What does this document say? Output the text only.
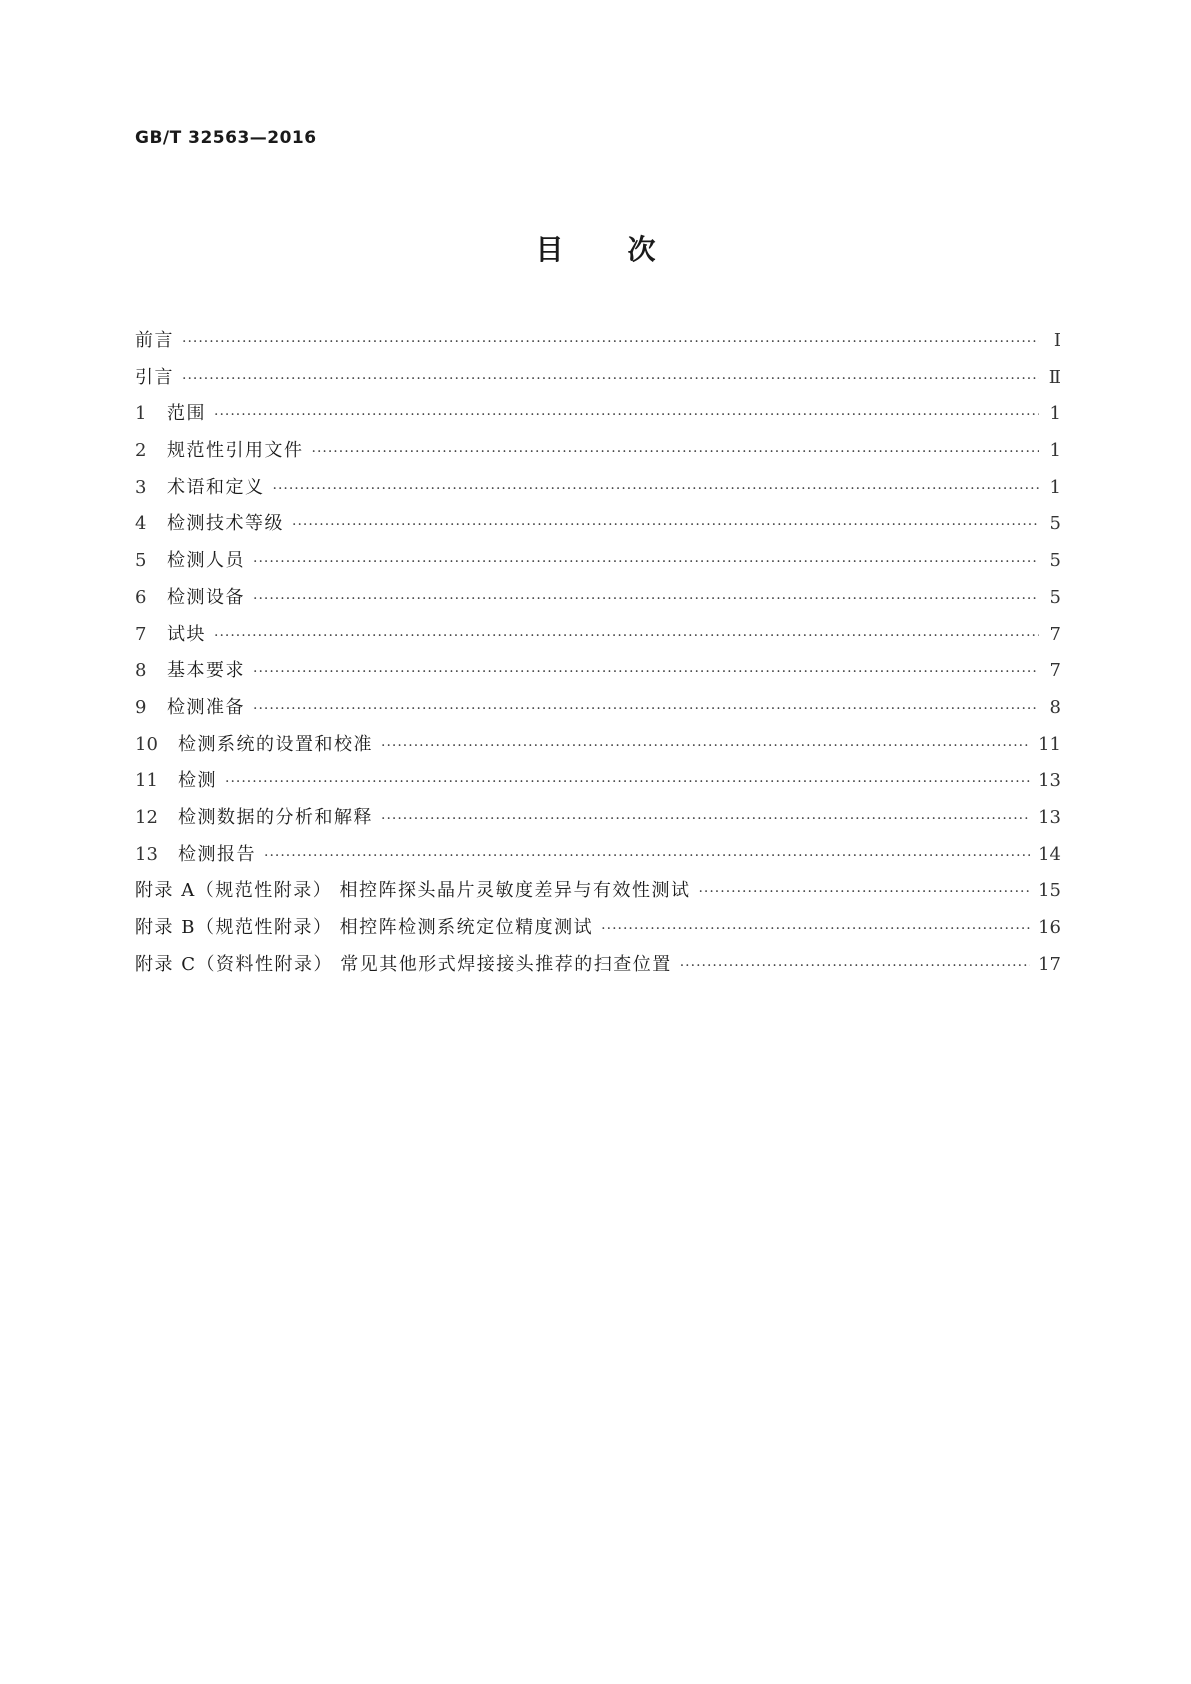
GB/T 32563—2016
目次
前言 ·····	Ⅰ
引言 ·····	Ⅱ
1	范围 ·····	1
2	规范性引用文件 ·····	1
3	术语和定义 ·····	1
4	检测技术等级 ·····	5
5	检测人员 ·····	5
6	检测设备 ·····	5
7	试块 ·····	7
8	基本要求 ·····	7
9	检测准备 ·····	8
10	检测系统的设置和校准 ·····	11
11	检测 ·····	13
12	检测数据的分析和解释 ·····	13
13	检测报告 ·····	14
附录 A（规范性附录） 相控阵探头晶片灵敏度差异与有效性测试 ·····	15
附录 B（规范性附录） 相控阵检测系统定位精度测试 ·····	16
附录 C（资料性附录） 常见其他形式焊接接头推荐的扫查位置 ·····	17
